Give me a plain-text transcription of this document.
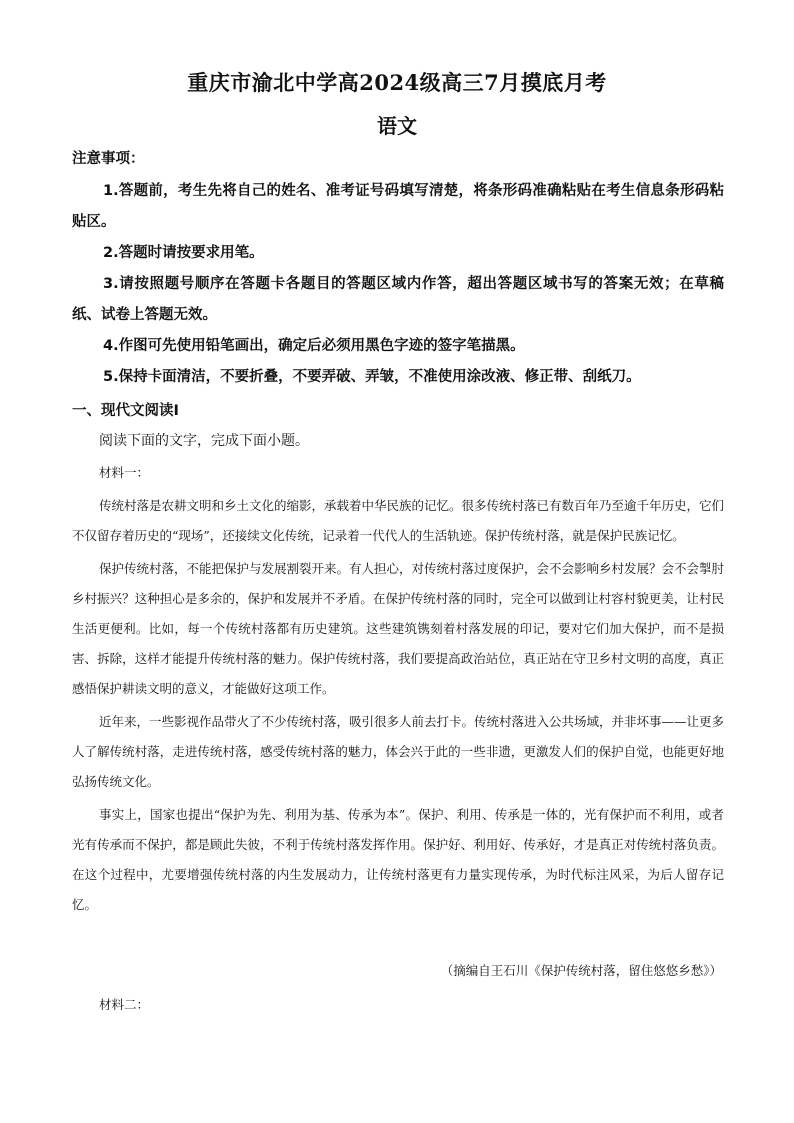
重庆市渝北中学高2024级高三7月摸底月考
语文
注意事项：

1.答题前，考生先将自己的姓名、准考证号码填写清楚，将条形码准确粘贴在考生信息条形码粘贴区。

2.答题时请按要求用笔。

3.请按照题号顺序在答题卡各题目的答题区域内作答，超出答题区域书写的答案无效；在草稿纸、试卷上答题无效。

4.作图可先使用铅笔画出，确定后必须用黑色字迹的签字笔描黑。

5.保持卡面清洁，不要折叠，不要弄破、弄皱，不准使用涂改液、修正带、刮纸刀。

一、现代文阅读Ⅰ
阅读下面的文字，完成下面小题。
材料一：

传统村落是农耕文明和乡土文化的缩影，承载着中华民族的记忆。很多传统村落已有数百年乃至逾千年历史，它们不仅留存着历史的“现场”，还接续文化传统，记录着一代代人的生活轨迹。保护传统村落，就是保护民族记忆。

保护传统村落，不能把保护与发展割裂开来。有人担心，对传统村落过度保护，会不会影响乡村发展？会不会掣肘乡村振兴？这种担心是多余的，保护和发展并不矛盾。在保护传统村落的同时，完全可以做到让村容村貌更美，让村民生活更便利。比如，每一个传统村落都有历史建筑。这些建筑镌刻着村落发展的印记，要对它们加大保护，而不是损害、拆除，这样才能提升传统村落的魅力。保护传统村落，我们要提高政治站位，真正站在守卫乡村文明的高度，真正感悟保护耕读文明的意义，才能做好这项工作。

近年来，一些影视作品带火了不少传统村落，吸引很多人前去打卡。传统村落进入公共场域，并非坏事——让更多人了解传统村落，走进传统村落，感受传统村落的魅力，体会兴于此的一些非遗，更激发人们的保护自觉，也能更好地弘扬传统文化。

事实上，国家也提出“保护为先、利用为基、传承为本”。保护、利用、传承是一体的，光有保护而不利用，或者光有传承而不保护，都是顾此失彼，不利于传统村落发挥作用。保护好、利用好、传承好，才是真正对传统村落负责。在这个过程中，尤要增强传统村落的内生发展动力，让传统村落更有力量实现传承，为时代标注风采，为后人留存记忆。

（摘编自王石川《保护传统村落，留住悠悠乡愁》）
材料二：
